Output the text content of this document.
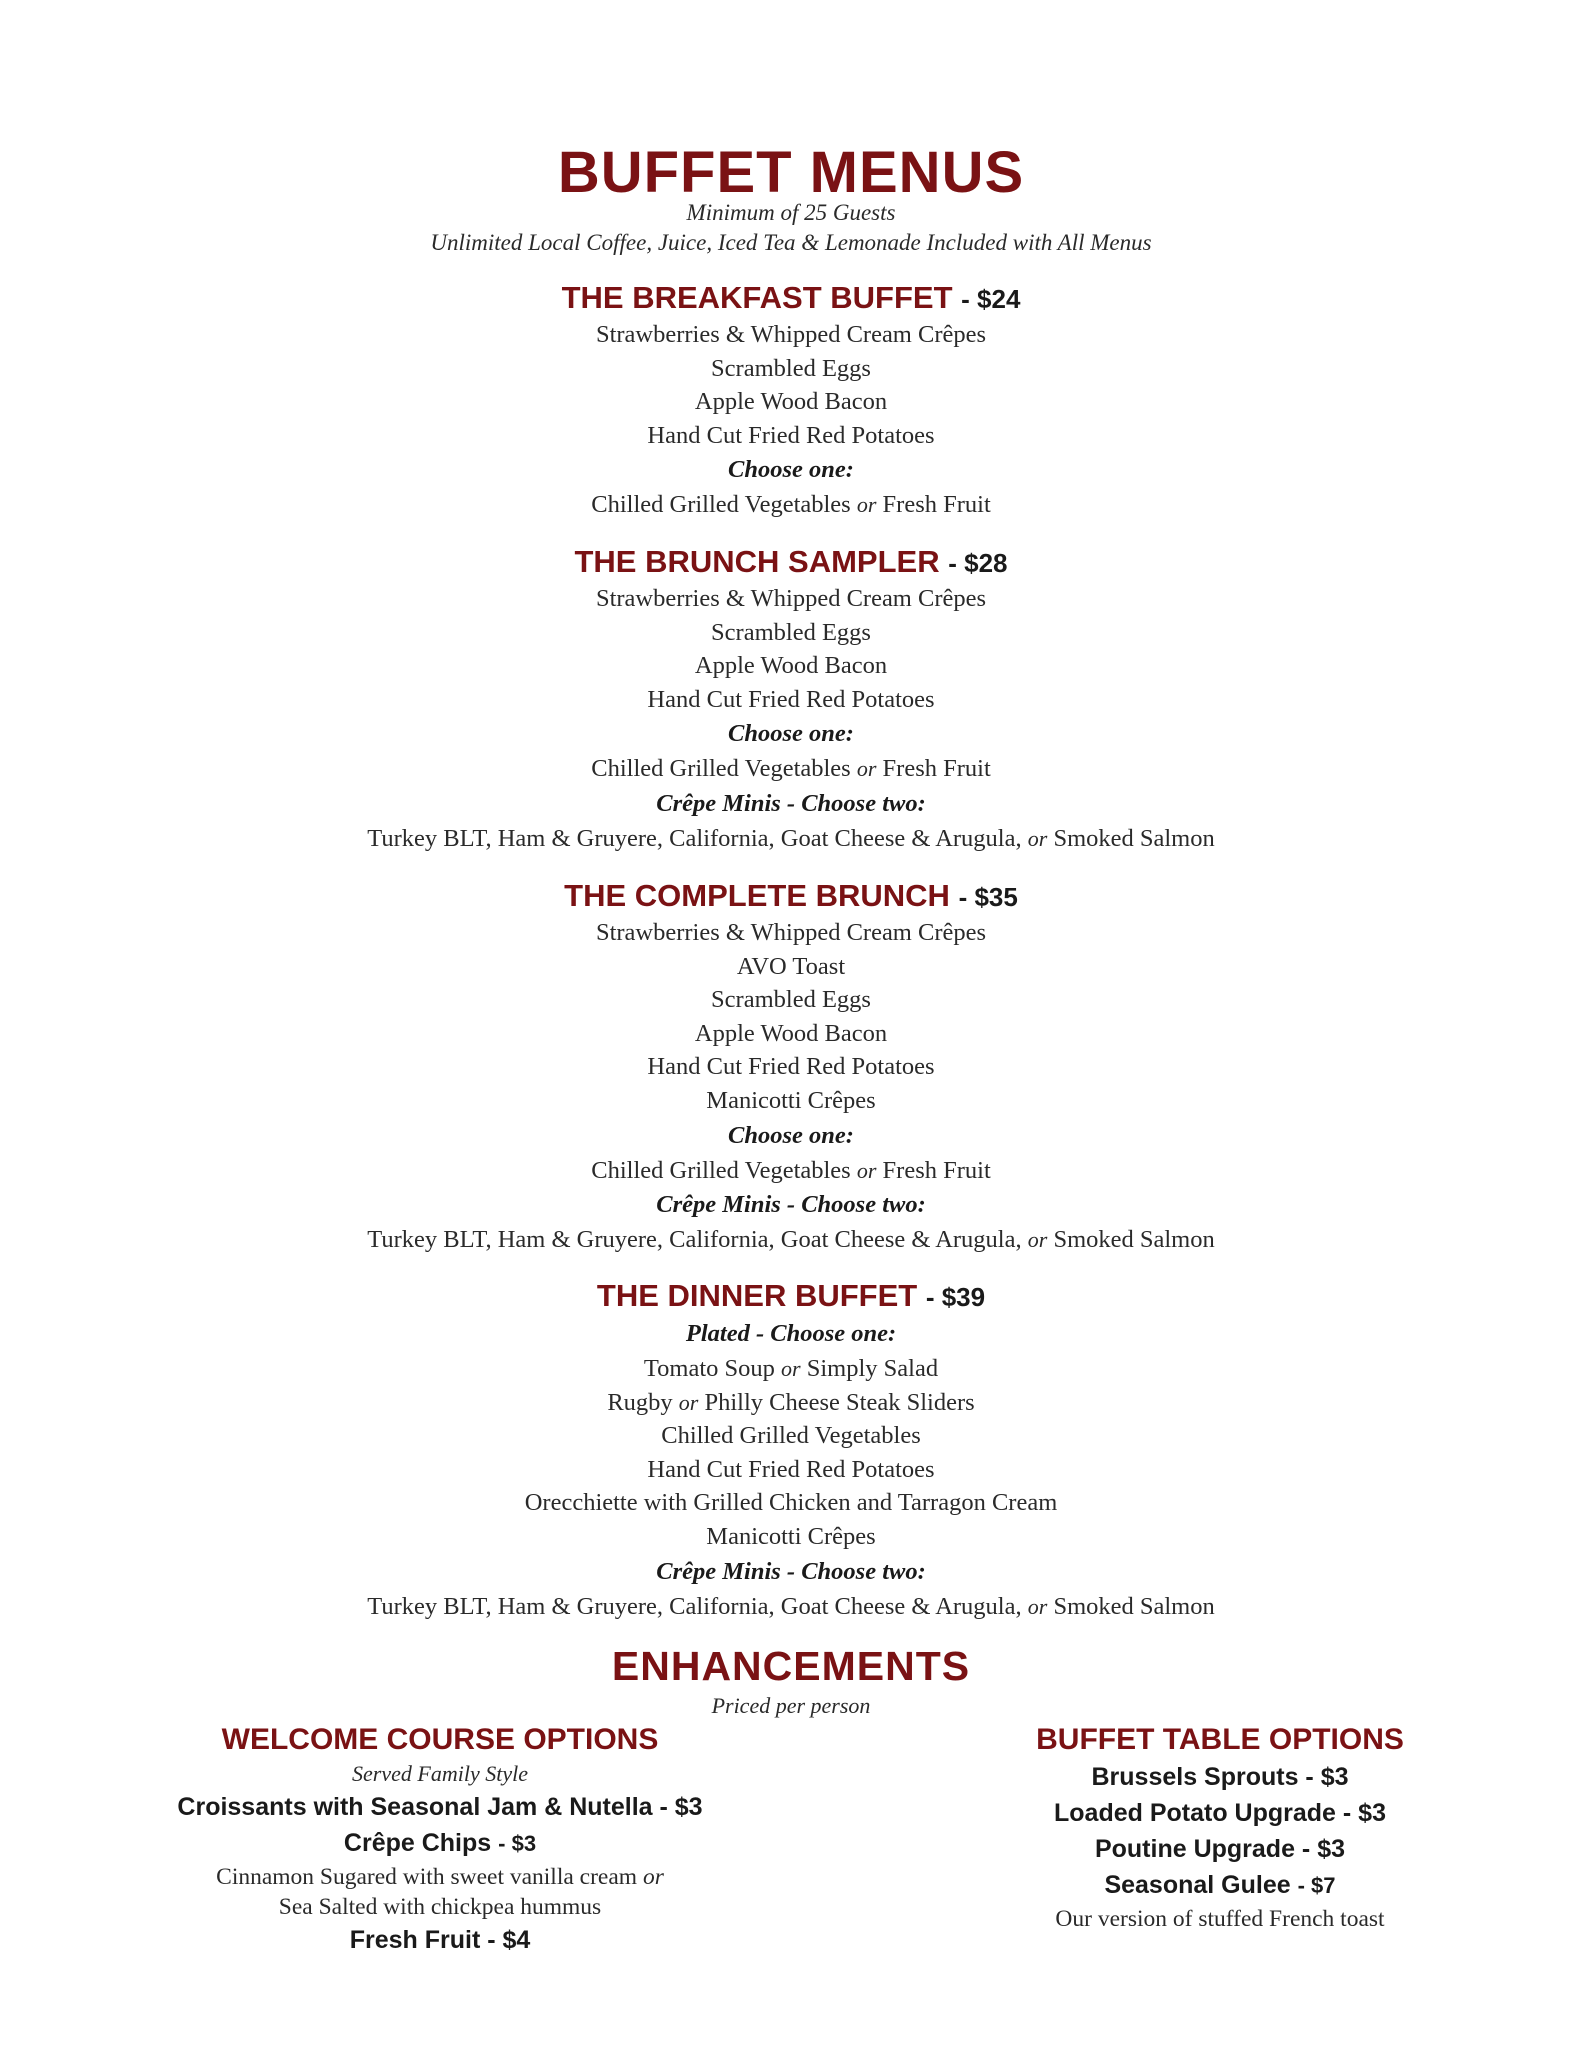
BUFFET MENUS
Minimum of 25 Guests
Unlimited Local Coffee, Juice, Iced Tea & Lemonade Included with All Menus
THE BREAKFAST BUFFET - $24
Strawberries & Whipped Cream Crêpes
Scrambled Eggs
Apple Wood Bacon
Hand Cut Fried Red Potatoes
Choose one:
Chilled Grilled Vegetables or Fresh Fruit
THE BRUNCH SAMPLER - $28
Strawberries & Whipped Cream Crêpes
Scrambled Eggs
Apple Wood Bacon
Hand Cut Fried Red Potatoes
Choose one:
Chilled Grilled Vegetables or Fresh Fruit
Crêpe Minis - Choose two:
Turkey BLT, Ham & Gruyere, California, Goat Cheese & Arugula, or Smoked Salmon
THE COMPLETE BRUNCH - $35
Strawberries & Whipped Cream Crêpes
AVO Toast
Scrambled Eggs
Apple Wood Bacon
Hand Cut Fried Red Potatoes
Manicotti Crêpes
Choose one:
Chilled Grilled Vegetables or Fresh Fruit
Crêpe Minis - Choose two:
Turkey BLT, Ham & Gruyere, California, Goat Cheese & Arugula, or Smoked Salmon
THE DINNER BUFFET - $39
Plated - Choose one:
Tomato Soup or Simply Salad
Rugby or Philly Cheese Steak Sliders
Chilled Grilled Vegetables
Hand Cut Fried Red Potatoes
Orecchiette with Grilled Chicken and Tarragon Cream
Manicotti Crêpes
Crêpe Minis - Choose two:
Turkey BLT, Ham & Gruyere, California, Goat Cheese & Arugula, or Smoked Salmon
ENHANCEMENTS
Priced per person
WELCOME COURSE OPTIONS
Served Family Style
Croissants with Seasonal Jam & Nutella - $3
Crêpe Chips - $3
Cinnamon Sugared with sweet vanilla cream or
Sea Salted with chickpea hummus
Fresh Fruit - $4
BUFFET TABLE OPTIONS
Brussels Sprouts - $3
Loaded Potato Upgrade - $3
Poutine Upgrade - $3
Seasonal Gulee - $7
Our version of stuffed French toast
